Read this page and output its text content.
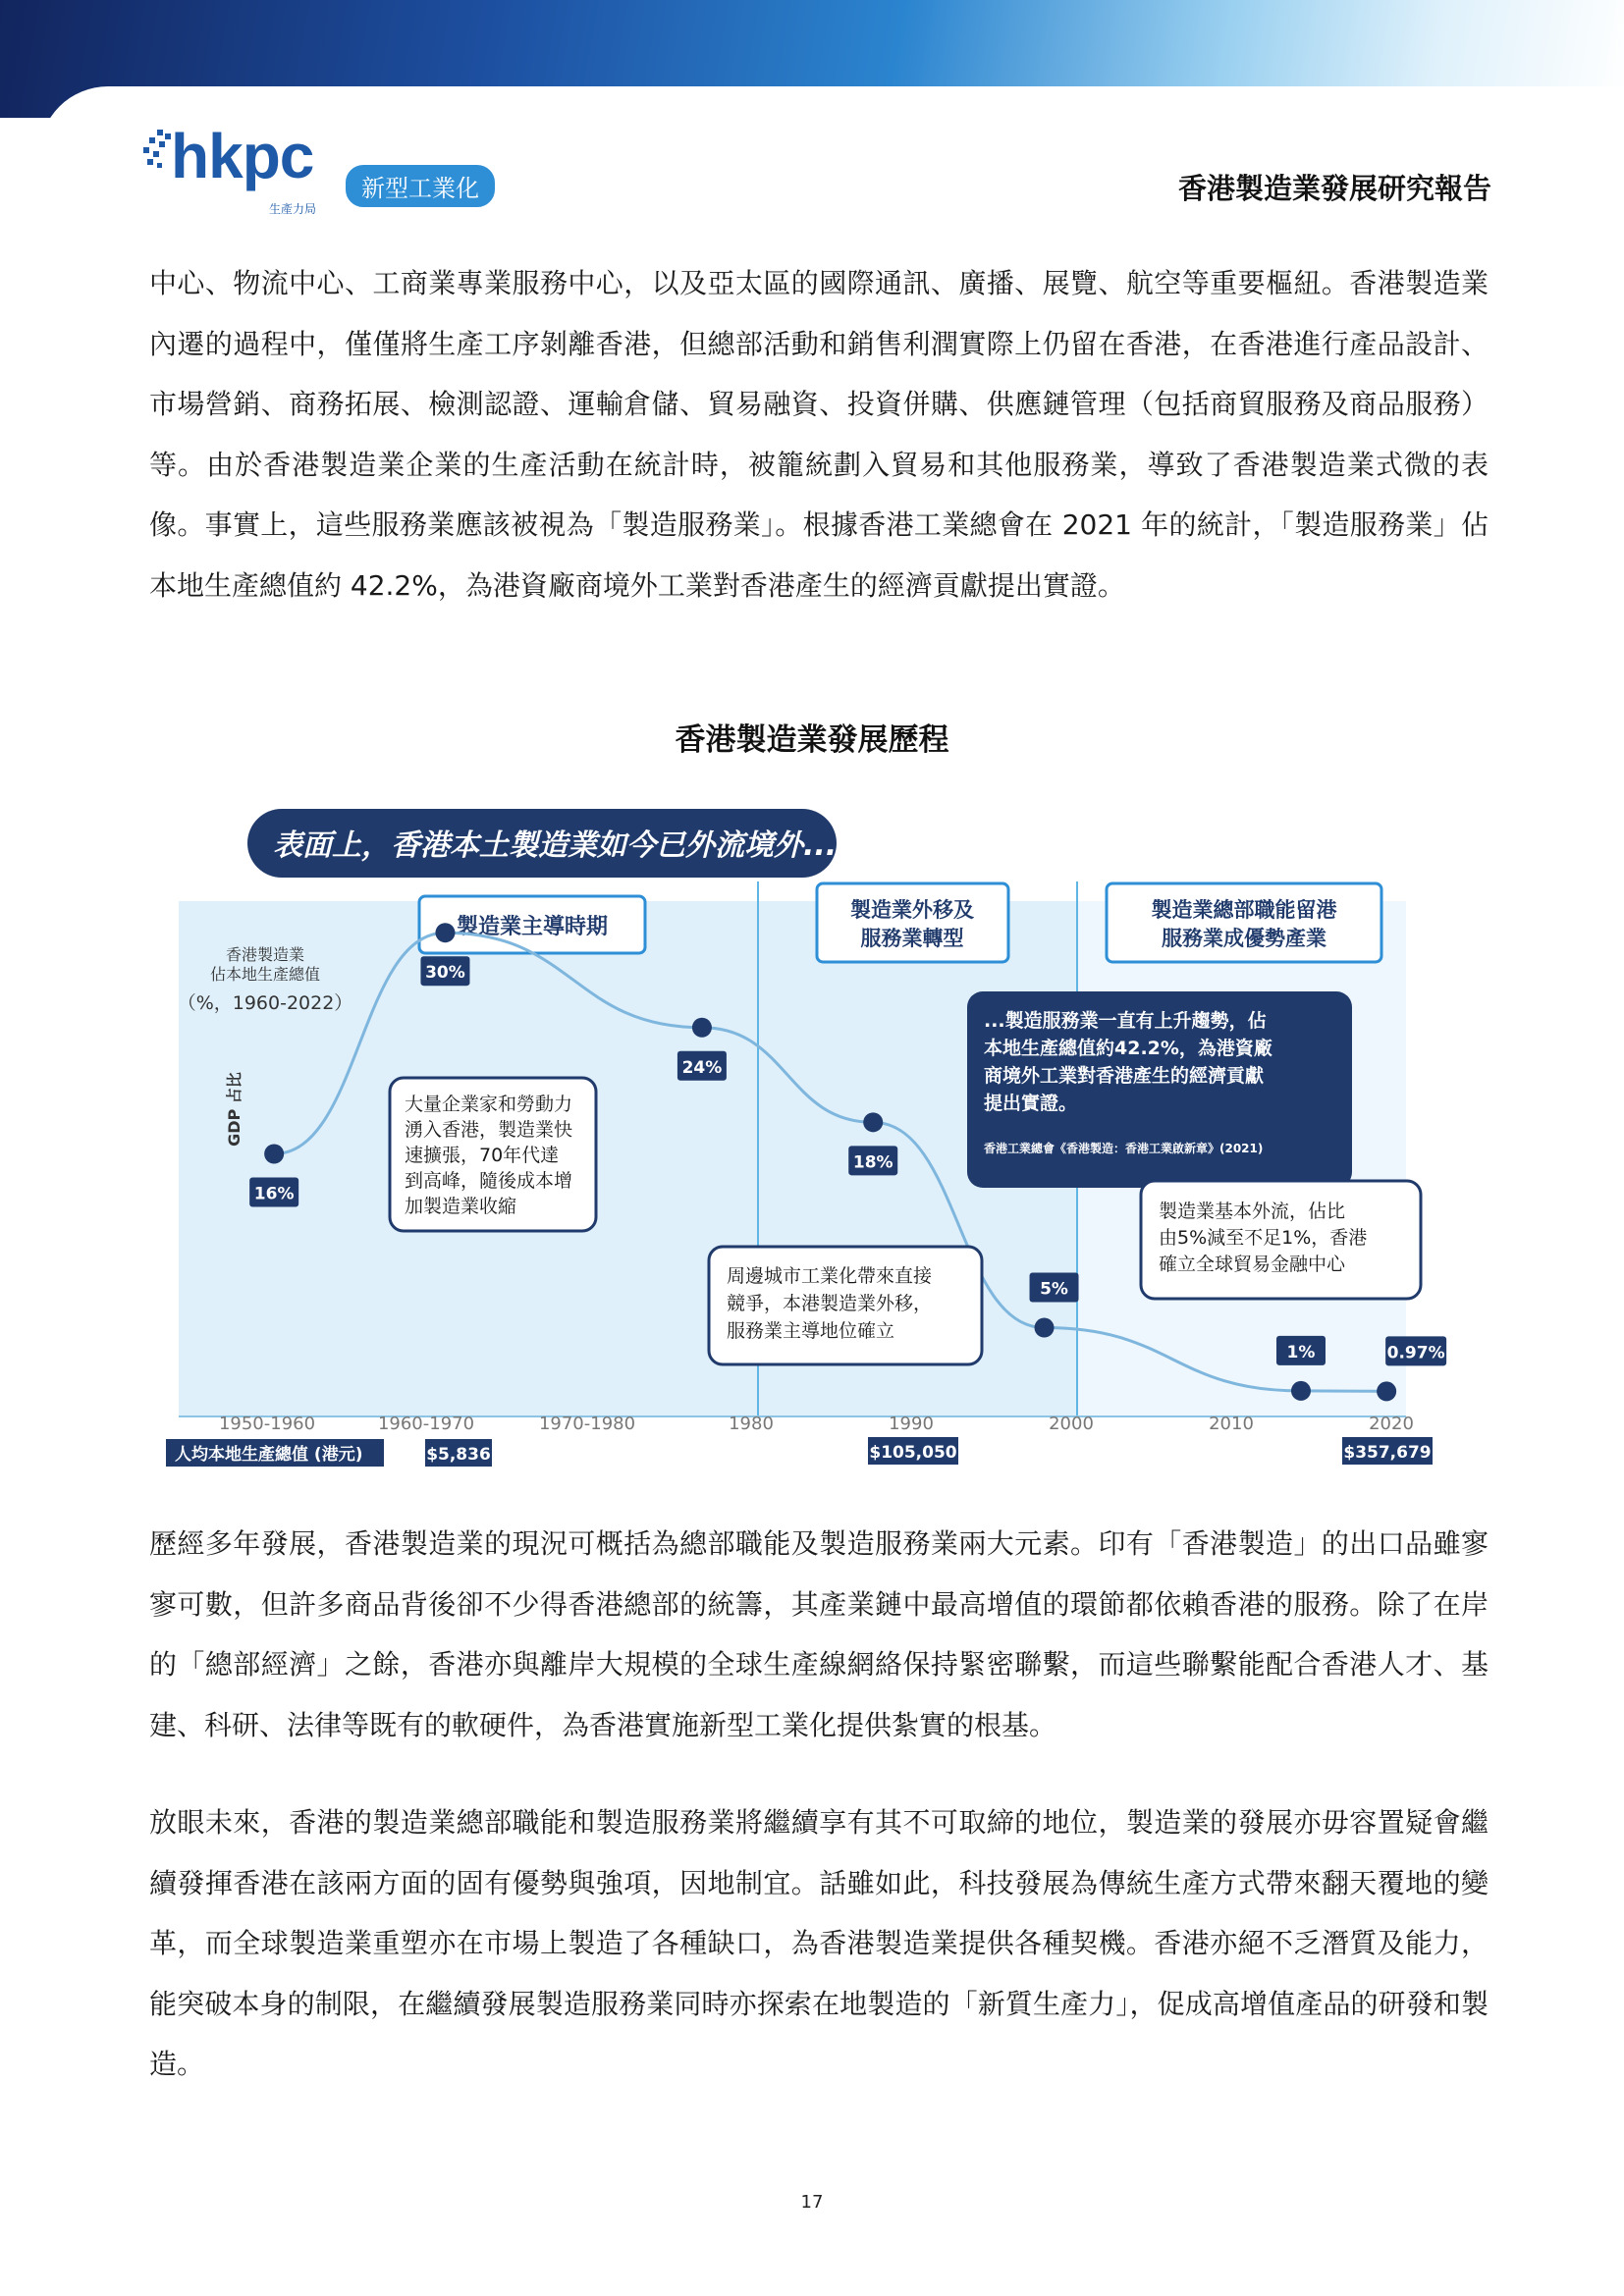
hkpc
生產力局
新型工業化	香港製造業發展研究報告
中心、物流中心、工商業專業服務中心，以及亞太區的國際通訊、廣播、展覽、航空等重要樞紐。香港製造業內遷的過程中，僅僅將生產工序剝離香港，但總部活動和銷售利潤實際上仍留在香港，在香港進行產品設計、市場營銷、商務拓展、檢測認證、運輸倉儲、貿易融資、投資併購、供應鏈管理（包括商貿服務及商品服務）等。由於香港製造業企業的生產活動在統計時，被籠統劃入貿易和其他服務業，導致了香港製造業式微的表像。事實上，這些服務業應該被視為「製造服務業」。根據香港工業總會在 2021 年的統計，「製造服務業」佔本地生產總值約 42.2%，為港資廠商境外工業對香港產生的經濟貢獻提出實證。
香港製造業發展歷程
表面上，香港本土製造業如今已外流境外...
製造業主導時期
製造業外移及
服務業轉型
製造業總部職能留港
服務業成優勢產業
香港製造業
佔本地生產總值
（%，1960-2022）
GDP 占比
16%
30%
24%
18%
5%
1%	0.97%
大量企業家和勞動力
湧入香港，製造業快
速擴張，70年代達
到高峰，隨後成本增
加製造業收縮
周邊城市工業化帶來直接
競爭，本港製造業外移，
服務業主導地位確立
...製造服務業一直有上升趨勢，佔
本地生產總值約42.2%，為港資廠
商境外工業對香港產生的經濟貢獻
提出實證。
香港工業總會《香港製造：香港工業啟新章》(2021)
製造業基本外流，佔比
由5%減至不足1%，香港
確立全球貿易金融中心
1950-1960	1960-1970	1970-1980	1980	1990	2000	2010	2020
人均本地生產總值 (港元)	$5,836	$105,050	$357,679
歷經多年發展，香港製造業的現況可概括為總部職能及製造服務業兩大元素。印有「香港製造」的出口品雖寥寥可數，但許多商品背後卻不少得香港總部的統籌，其產業鏈中最高增值的環節都依賴香港的服務。除了在岸的「總部經濟」之餘，香港亦與離岸大規模的全球生產線網絡保持緊密聯繫，而這些聯繫能配合香港人才、基建、科研、法律等既有的軟硬件，為香港實施新型工業化提供紮實的根基。
放眼未來，香港的製造業總部職能和製造服務業將繼續享有其不可取締的地位，製造業的發展亦毋容置疑會繼續發揮香港在該兩方面的固有優勢與強項，因地制宜。話雖如此，科技發展為傳統生產方式帶來翻天覆地的變革，而全球製造業重塑亦在市場上製造了各種缺口，為香港製造業提供各種契機。香港亦絕不乏潛質及能力，能突破本身的制限，在繼續發展製造服務業同時亦探索在地製造的「新質生產力」，促成高增值產品的研發和製造。
17
